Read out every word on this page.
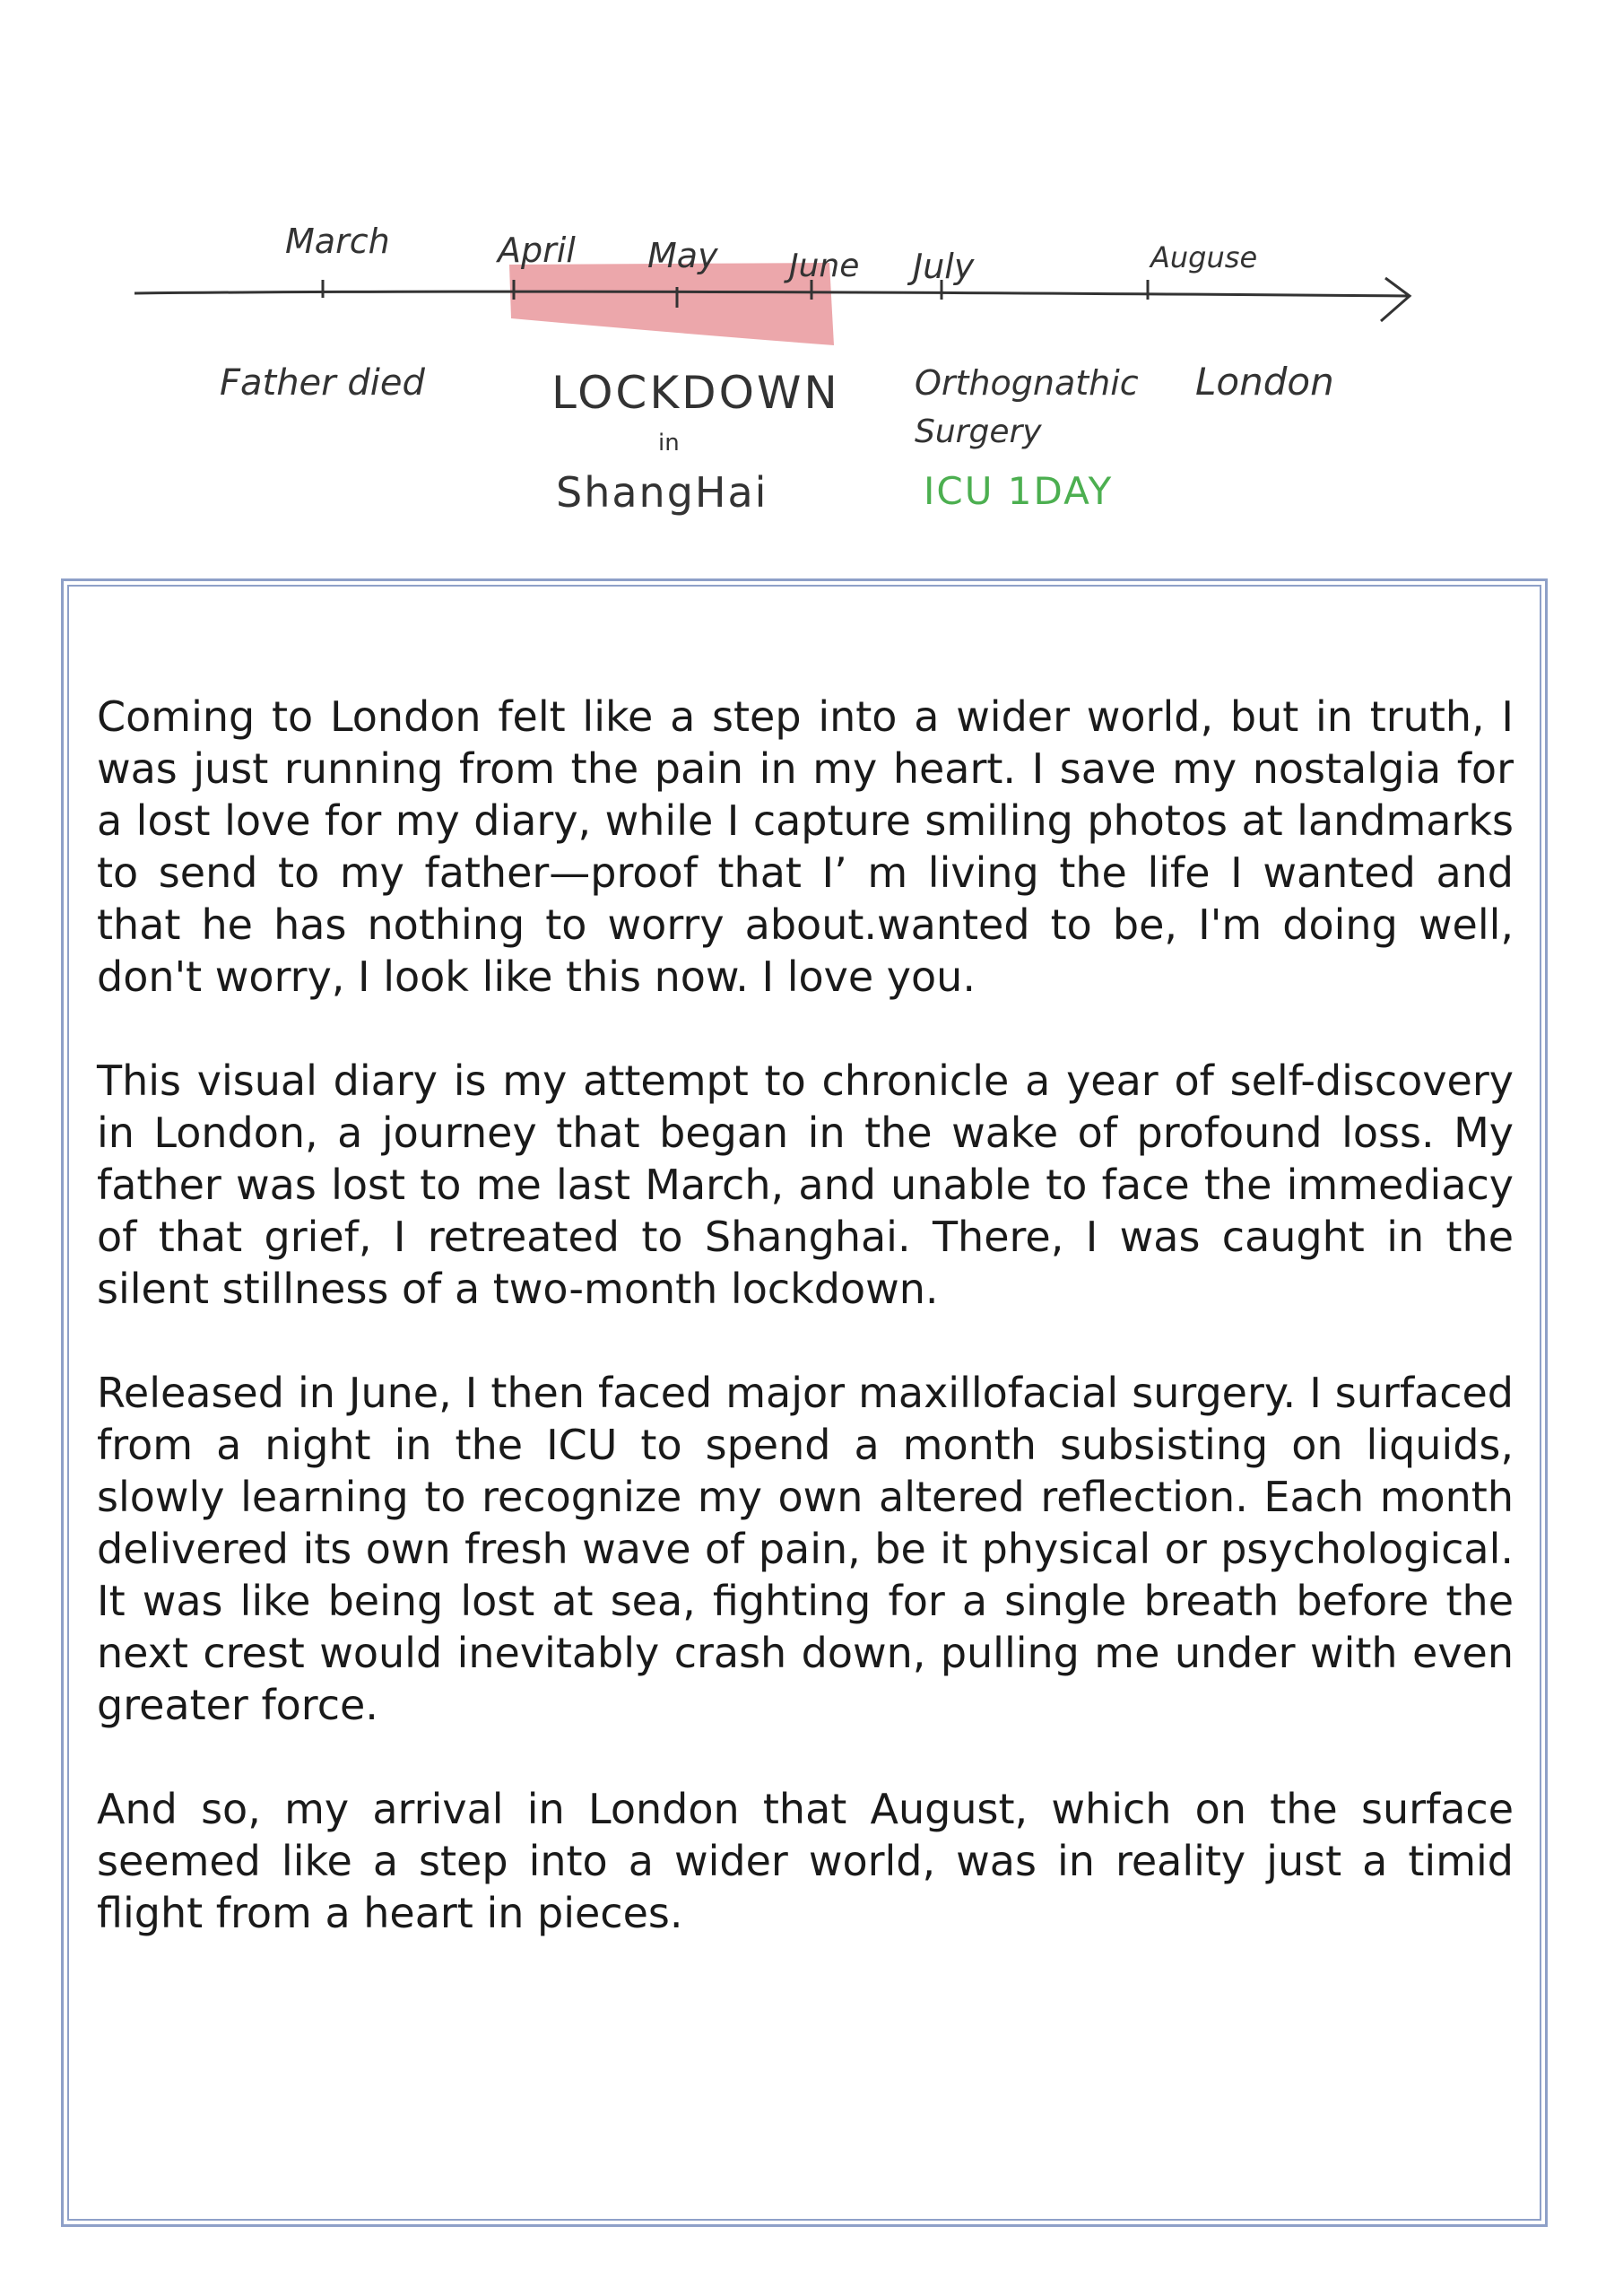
March	April May June July	Auguse
Father died	LOCKDOWN
in
ShangHai
Orthognathic
Surgery
ICU 1DAY
London

Coming to London felt like a step into a wider world, but in truth, I was just running from the pain in my heart. I save my nostalgia for a lost love for my diary, while I capture smiling photos at landmarks to send to my father—proof that I’ m living the life I wanted and that he has nothing to worry about.wanted to be, I'm doing well, don't worry, I look like this now. I love you.

This visual diary is my attempt to chronicle a year of self-discovery in London, a journey that began in the wake of profound loss. My father was lost to me last March, and unable to face the immediacy of that grief, I retreated to Shanghai. There, I was caught in the silent stillness of a two-month lockdown.

Released in June, I then faced major maxillofacial surgery. I surfaced from a night in the ICU to spend a month subsisting on liquids, slowly learning to recognize my own altered reflection. Each month delivered its own fresh wave of pain, be it physical or psychological. It was like being lost at sea, fighting for a single breath before the next crest would inevitably crash down, pulling me under with even greater force.

And so, my arrival in London that August, which on the surface seemed like a step into a wider world, was in reality just a timid flight from a heart in pieces.
